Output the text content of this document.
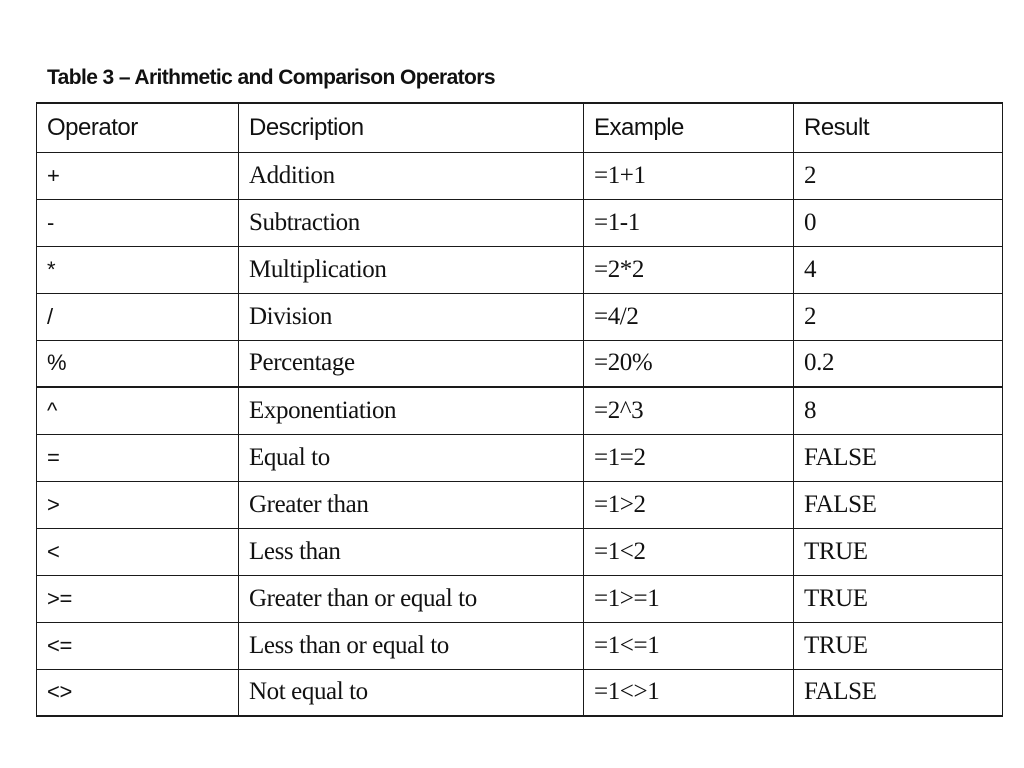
Table 3 – Arithmetic and Comparison Operators
Operator	Description	Example	Result
+	Addition	=1+1	2
-	Subtraction	=1-1	0
*	Multiplication	=2*2	4
/	Division	=4/2	2
%	Percentage	=20%	0.2
^	Exponentiation	=2^3	8
=	Equal to	=1=2	FALSE
>	Greater than	=1>2	FALSE
<	Less than	=1<2	TRUE
>=	Greater than or equal to	=1>=1	TRUE
<=	Less than or equal to	=1<=1	TRUE
<>	Not equal to	=1<>1	FALSE
